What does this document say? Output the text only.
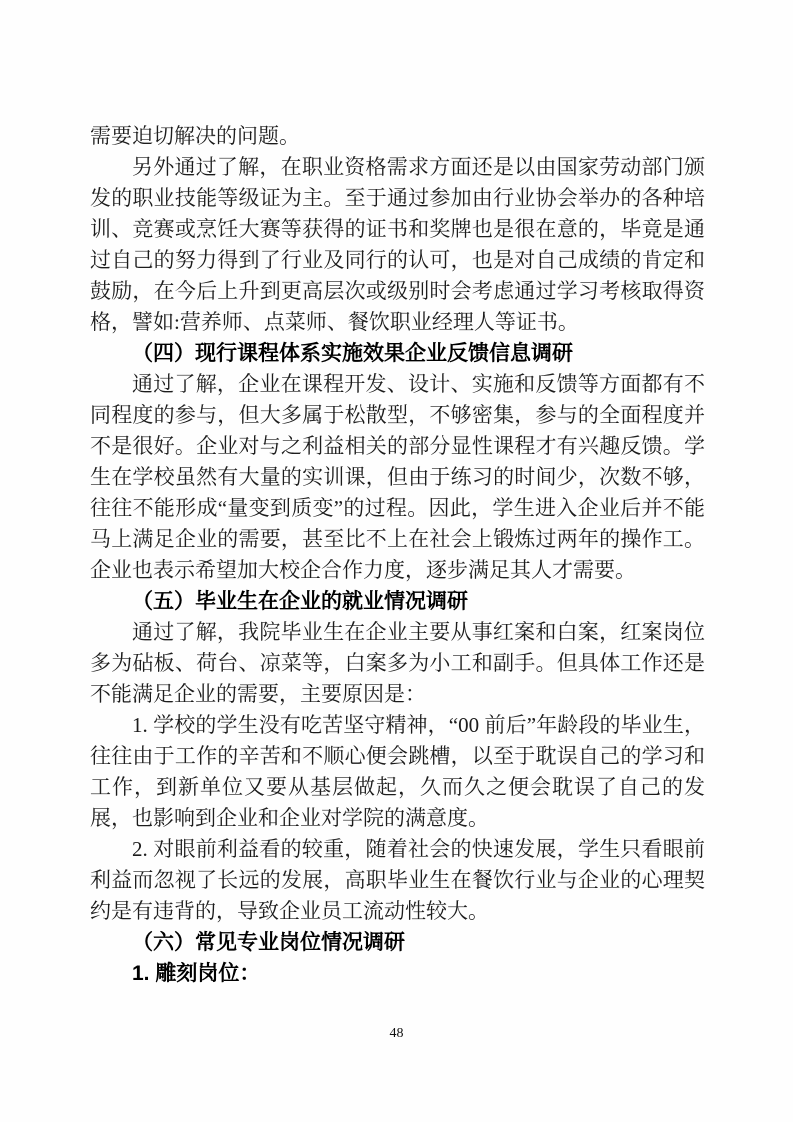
需要迫切解决的问题。

另外通过了解，在职业资格需求方面还是以由国家劳动部门颁发的职业技能等级证为主。至于通过参加由行业协会举办的各种培训、竞赛或烹饪大赛等获得的证书和奖牌也是很在意的，毕竟是通过自己的努力得到了行业及同行的认可，也是对自己成绩的肯定和鼓励，在今后上升到更高层次或级别时会考虑通过学习考核取得资格，譬如:营养师、点菜师、餐饮职业经理人等证书。

（四）现行课程体系实施效果企业反馈信息调研

通过了解，企业在课程开发、设计、实施和反馈等方面都有不同程度的参与，但大多属于松散型，不够密集，参与的全面程度并不是很好。企业对与之利益相关的部分显性课程才有兴趣反馈。学生在学校虽然有大量的实训课，但由于练习的时间少，次数不够，往往不能形成“量变到质变”的过程。因此，学生进入企业后并不能马上满足企业的需要，甚至比不上在社会上锻炼过两年的操作工。企业也表示希望加大校企合作力度，逐步满足其人才需要。

（五）毕业生在企业的就业情况调研

通过了解，我院毕业生在企业主要从事红案和白案，红案岗位多为砧板、荷台、凉菜等，白案多为小工和副手。但具体工作还是不能满足企业的需要，主要原因是：

1. 学校的学生没有吃苦坚守精神，“00 前后”年龄段的毕业生，往往由于工作的辛苦和不顺心便会跳槽，以至于耽误自己的学习和工作，到新单位又要从基层做起，久而久之便会耽误了自己的发展，也影响到企业和企业对学院的满意度。

2. 对眼前利益看的较重，随着社会的快速发展，学生只看眼前利益而忽视了长远的发展，高职毕业生在餐饮行业与企业的心理契约是有违背的，导致企业员工流动性较大。

（六）常见专业岗位情况调研
1. 雕刻岗位：
48
